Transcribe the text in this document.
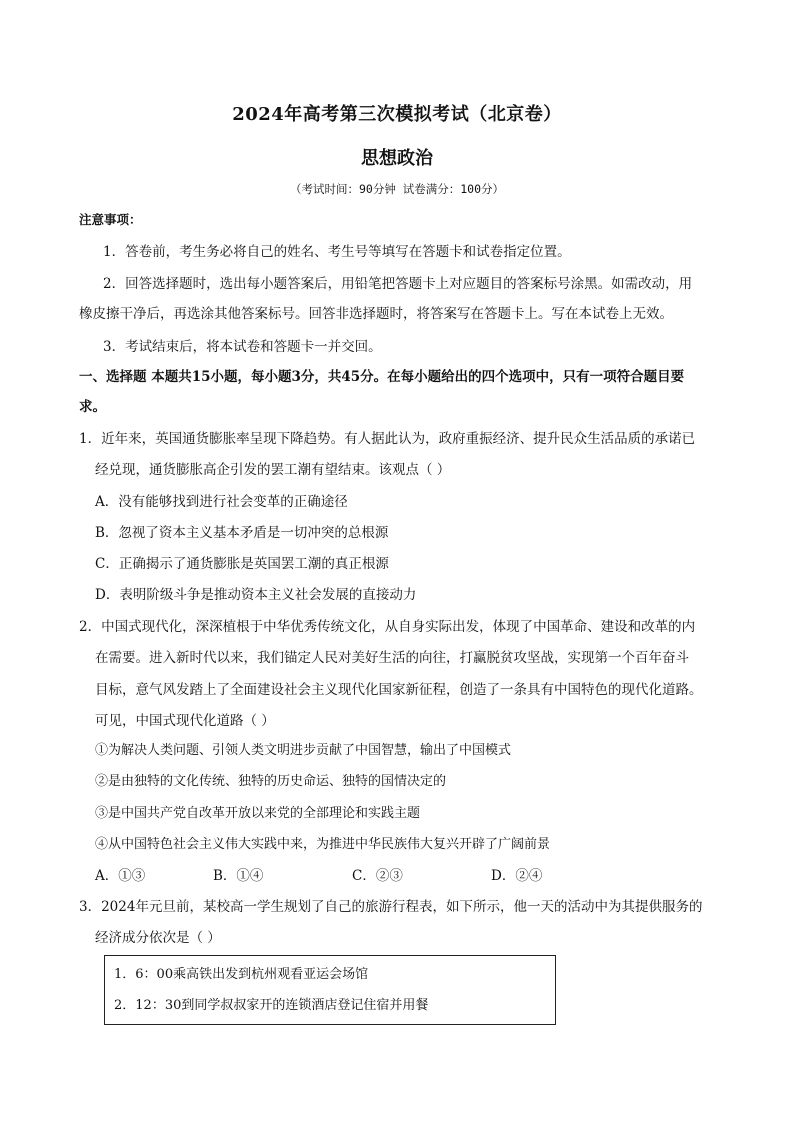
2024年高考第三次模拟考试（北京卷）
思想政治
（考试时间：90分钟 试卷满分：100分）
注意事项：
1．答卷前，考生务必将自己的姓名、考生号等填写在答题卡和试卷指定位置。
2．回答选择题时，选出每小题答案后，用铅笔把答题卡上对应题目的答案标号涂黑。如需改动，用
橡皮擦干净后，再选涂其他答案标号。回答非选择题时，将答案写在答题卡上。写在本试卷上无效。
3．考试结束后，将本试卷和答题卡一并交回。
一、选择题 本题共15小题，每小题3分，共45分。在每小题给出的四个选项中，只有一项符合题目要
求。
1．近年来，英国通货膨胀率呈现下降趋势。有人据此认为，政府重振经济、提升民众生活品质的承诺已
经兑现，通货膨胀高企引发的罢工潮有望结束。该观点（ ）
A．没有能够找到进行社会变革的正确途径
B．忽视了资本主义基本矛盾是一切冲突的总根源
C．正确揭示了通货膨胀是英国罢工潮的真正根源
D．表明阶级斗争是推动资本主义社会发展的直接动力
2．中国式现代化，深深植根于中华优秀传统文化，从自身实际出发，体现了中国革命、建设和改革的内
在需要。进入新时代以来，我们锚定人民对美好生活的向往，打赢脱贫攻坚战，实现第一个百年奋斗
目标，意气风发踏上了全面建设社会主义现代化国家新征程，创造了一条具有中国特色的现代化道路。
可见，中国式现代化道路（ ）
①为解决人类问题、引领人类文明进步贡献了中国智慧，输出了中国模式
②是由独特的文化传统、独特的历史命运、独特的国情决定的
③是中国共产党自改革开放以来党的全部理论和实践主题
④从中国特色社会主义伟大实践中来，为推进中华民族伟大复兴开辟了广阔前景
A．①③	B．①④	C．②③	D．②④
3．2024年元旦前，某校高一学生规划了自己的旅游行程表，如下所示，他一天的活动中为其提供服务的
经济成分依次是（ ）
1．6：00乘高铁出发到杭州观看亚运会场馆
2．12：30到同学叔叔家开的连锁酒店登记住宿并用餐
